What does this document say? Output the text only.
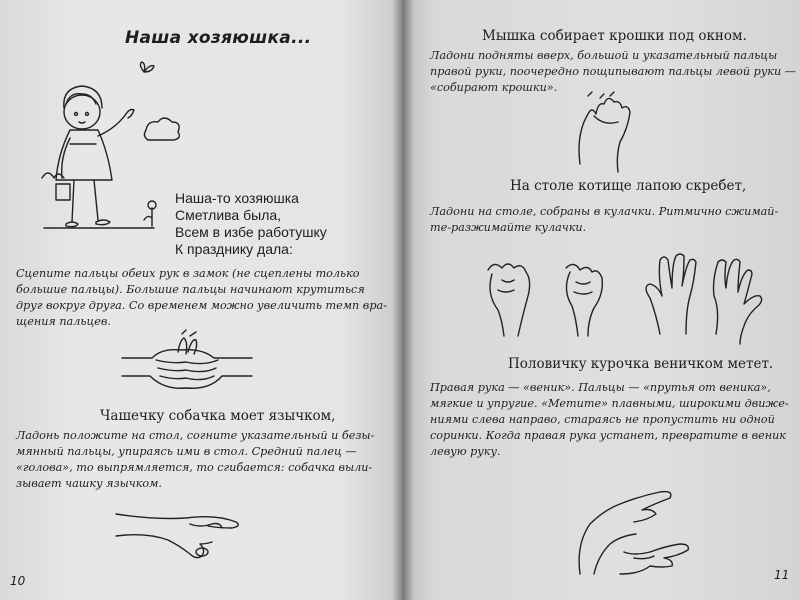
Наша хозяюшка...
Наша-то хозяюшка
Сметлива была,
Всем в избе работушку
К празднику дала:
Сцепите пальцы обеих рук в замок (не сцеплены только
большие пальцы). Большие пальцы начинают крутиться
друг вокруг друга. Со временем можно увеличить темп вра-
щения пальцев.
Чашечку собачка моет язычком,
Ладонь положите на стол, согните указательный и безы-
мянный пальцы, упираясь ими в стол. Средний палец —
«голова», то выпрямляется, то сгибается: собачка выли-
зывает чашку язычком.
10
Мышка собирает крошки под окном.
Ладони подняты вверх, большой и указательный пальцы
правой руки, поочередно пощипывают пальцы левой руки —
«собирают крошки».
На столе котище лапою скребет,
Ладони на столе, собраны в кулачки. Ритмично сжимай-
те-разжимайте кулачки.
Половичку курочка веничком метет.
Правая рука — «веник». Пальцы — «прутья от веника»,
мягкие и упругие. «Метите» плавными, широкими движе-
ниями слева направо, стараясь не пропустить ни одной
соринки. Когда правая рука устанет, превратите в веник
левую руку.
11
